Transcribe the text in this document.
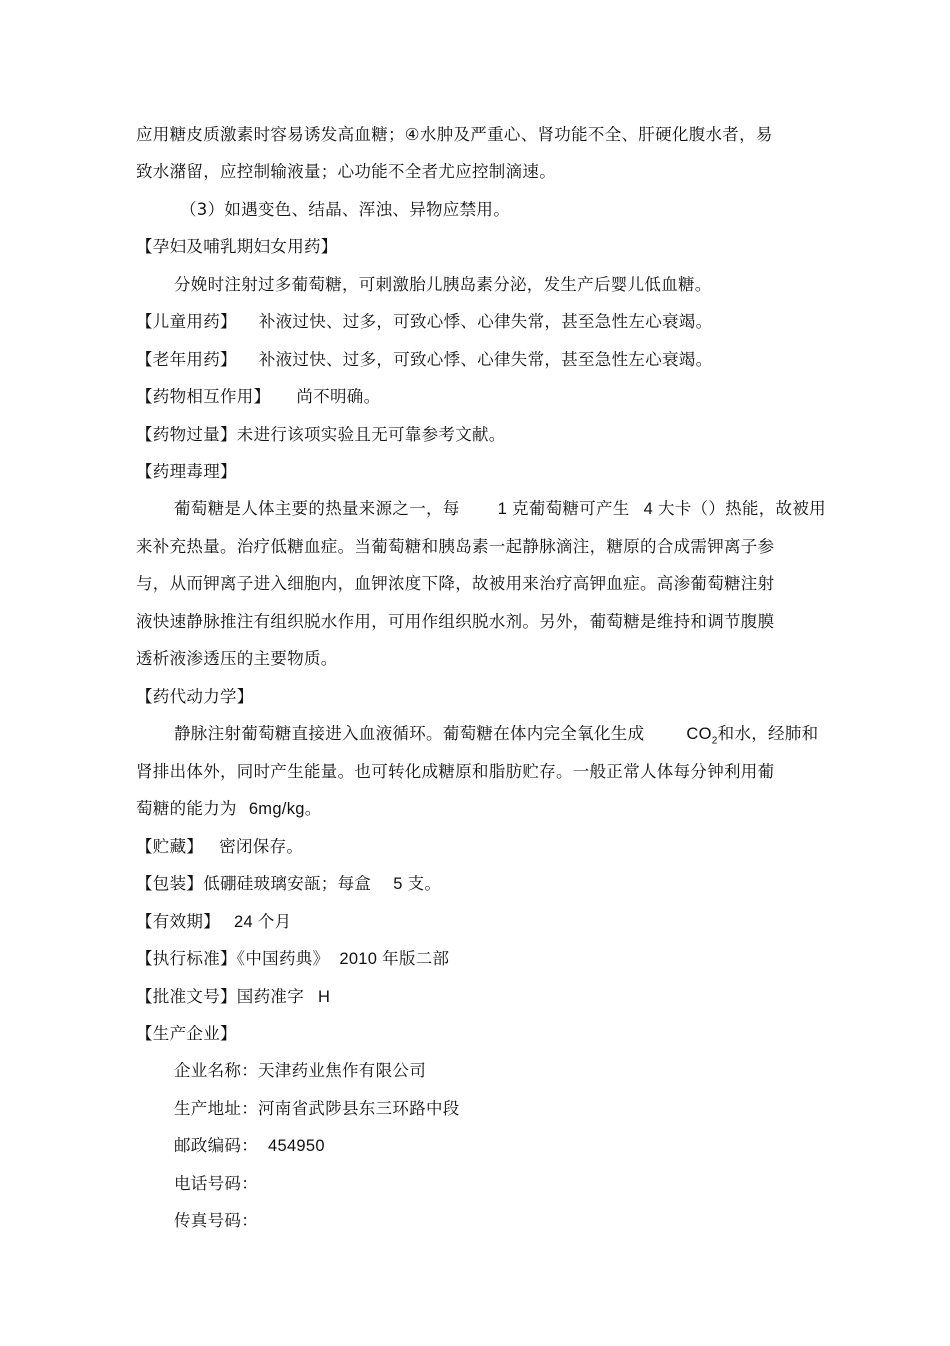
应用糖皮质激素时容易诱发高血糖；④水肿及严重心、肾功能不全、肝硬化腹水者，易
致水潴留，应控制输液量；心功能不全者尤应控制滴速。
（3）如遇变色、结晶、浑浊、异物应禁用。
【孕妇及哺乳期妇女用药】
分娩时注射过多葡萄糖，可刺激胎儿胰岛素分泌，发生产后婴儿低血糖。
【儿童用药】 补液过快、过多，可致心悸、心律失常，甚至急性左心衰竭。
【老年用药】 补液过快、过多，可致心悸、心律失常，甚至急性左心衰竭。
【药物相互作用】 尚不明确。
【药物过量】未进行该项实验且无可靠参考文献。
【药理毒理】
葡萄糖是人体主要的热量来源之一，每 1 克葡萄糖可产生 4 大卡（）热能，故被用
来补充热量。治疗低糖血症。当葡萄糖和胰岛素一起静脉滴注，糖原的合成需钾离子参
与，从而钾离子进入细胞内，血钾浓度下降，故被用来治疗高钾血症。高渗葡萄糖注射
液快速静脉推注有组织脱水作用，可用作组织脱水剂。另外，葡萄糖是维持和调节腹膜
透析液渗透压的主要物质。
【药代动力学】
静脉注射葡萄糖直接进入血液循环。葡萄糖在体内完全氧化生成	$CO_2$和水，经肺和
肾排出体外，同时产生能量。也可转化成糖原和脂肪贮存。一般正常人体每分钟利用葡
萄糖的能力为 6mg/kg。
【贮藏】 密闭保存。
【包装】低硼硅玻璃安瓿；每盒 5 支。
【有效期】 24 个月
【执行标准】《中国药典》 2010 年版二部
【批准文号】国药准字 H
【生产企业】
企业名称：天津药业焦作有限公司
生产地址：河南省武陟县东三环路中段
邮政编码： 454950
电话号码：
传真号码：
